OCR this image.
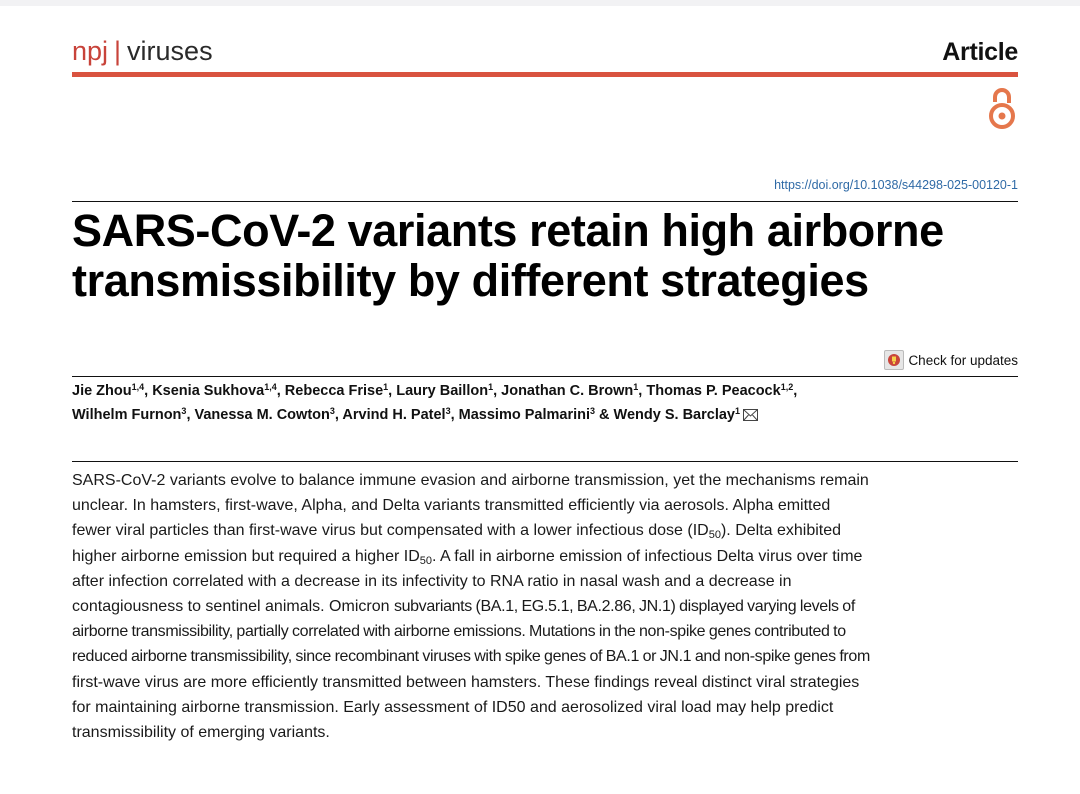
npj | viruses	Article
https://doi.org/10.1038/s44298-025-00120-1
SARS-CoV-2 variants retain high airborne transmissibility by different strategies
Check for updates
Jie Zhou$^{1,4}$, Ksenia Sukhova$^{1,4}$, Rebecca Frise$^1$, Laury Baillon$^1$, Jonathan C. Brown$^1$, Thomas P. Peacock$^{1,2}$,
Wilhelm Furnon$^3$, Vanessa M. Cowton$^3$, Arvind H. Patel$^3$, Massimo Palmarini$^3$ & Wendy S. Barclay$^1$

SARS-CoV-2 variants evolve to balance immune evasion and airborne transmission, yet the mechanisms remain unclear. In hamsters, first-wave, Alpha, and Delta variants transmitted efficiently via aerosols. Alpha emitted fewer viral particles than first-wave virus but compensated with a lower infectious dose $(ID_{50})$. Delta exhibited higher airborne emission but required a higher $ID_{50}$. A fall in airborne emission of infectious Delta virus over time after infection correlated with a decrease in its infectivity to RNA ratio in nasal wash and a decrease in contagiousness to sentinel animals. Omicron subvariants (BA.1, EG.5.1, BA.2.86, JN.1) displayed varying levels of airborne transmissibility, partially correlated with airborne emissions. Mutations in the non-spike genes contributed to reduced airborne transmissibility, since recombinant viruses with spike genes of BA.1 or JN.1 and non-spike genes from first-wave virus are more efficiently transmitted between hamsters. These findings reveal distinct viral strategies for maintaining airborne transmission. Early assessment of ID50 and aerosolized viral load may help predict transmissibility of emerging variants.
